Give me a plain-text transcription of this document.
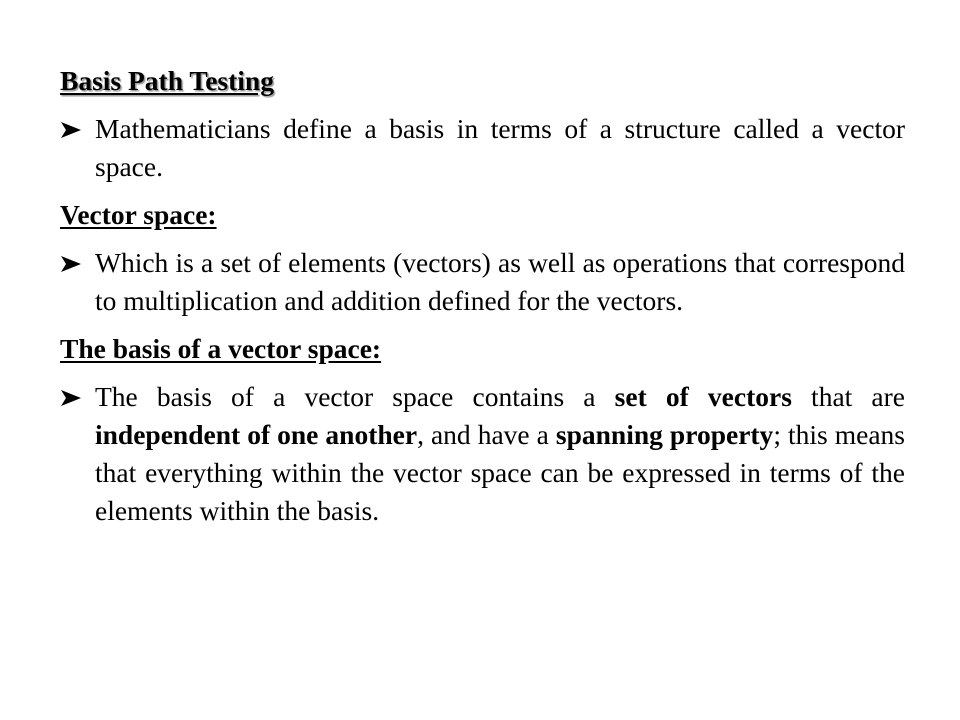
Basis Path Testing
Mathematicians define a basis in terms of a structure called a vector space.
Vector space:
Which is a set of elements (vectors) as well as operations that correspond to multiplication and addition defined for the vectors.
The basis of a vector space:
The basis of a vector space contains a set of vectors that are independent of one another, and have a spanning property; this means that everything within the vector space can be expressed in terms of the elements within the basis.
